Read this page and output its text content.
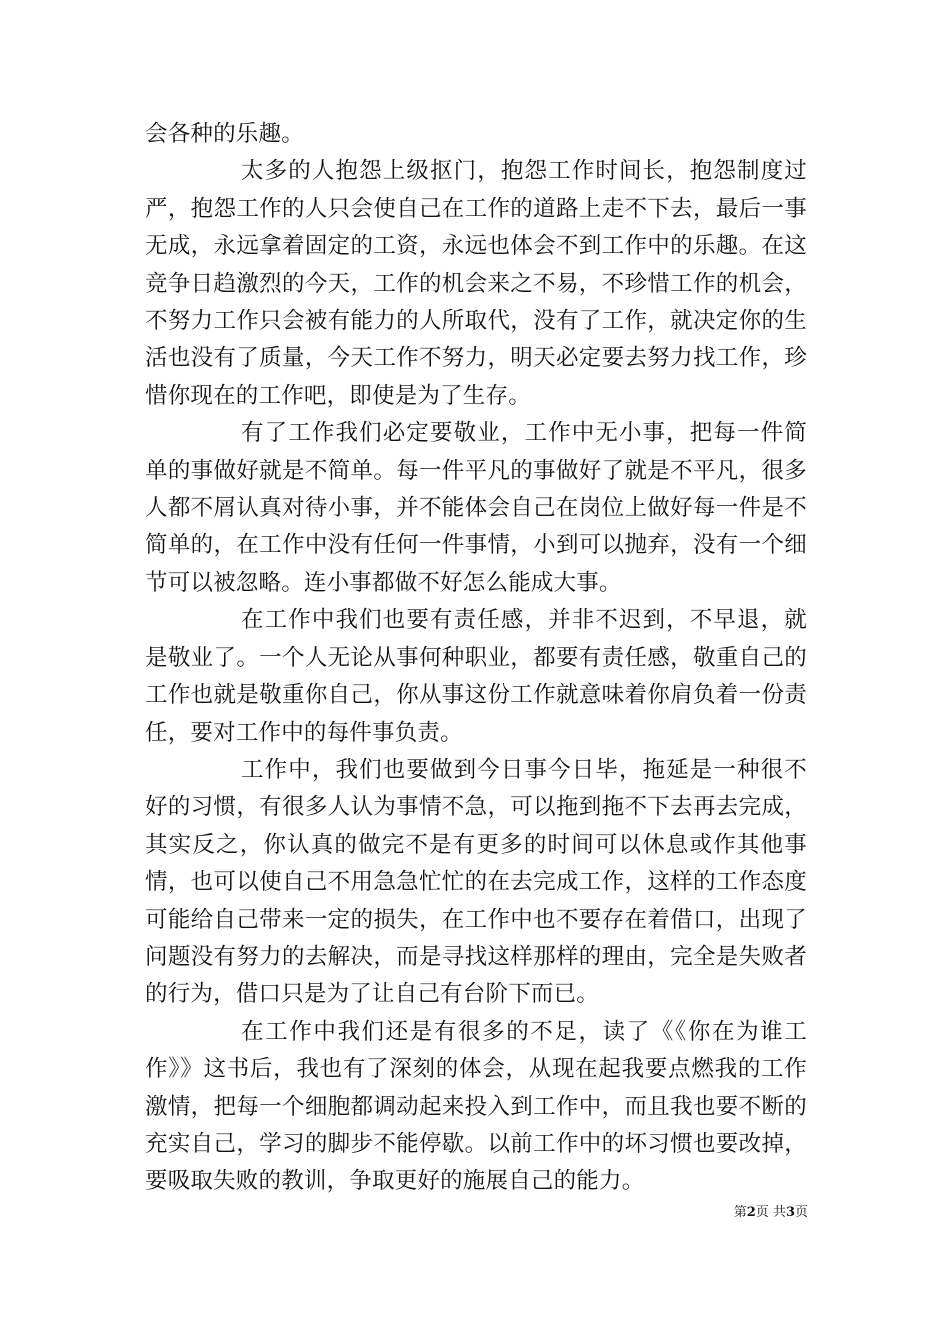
会各种的乐趣。

太多的人抱怨上级抠门，抱怨工作时间长，抱怨制度过严，抱怨工作的人只会使自己在工作的道路上走不下去，最后一事无成，永远拿着固定的工资，永远也体会不到工作中的乐趣。在这竞争日趋激烈的今天，工作的机会来之不易，不珍惜工作的机会，不努力工作只会被有能力的人所取代，没有了工作，就决定你的生活也没有了质量，今天工作不努力，明天必定要去努力找工作，珍惜你现在的工作吧，即使是为了生存。

有了工作我们必定要敬业，工作中无小事，把每一件简单的事做好就是不简单。每一件平凡的事做好了就是不平凡，很多人都不屑认真对待小事，并不能体会自己在岗位上做好每一件是不简单的，在工作中没有任何一件事情，小到可以抛弃，没有一个细节可以被忽略。连小事都做不好怎么能成大事。

在工作中我们也要有责任感，并非不迟到，不早退，就是敬业了。一个人无论从事何种职业，都要有责任感，敬重自己的工作也就是敬重你自己，你从事这份工作就意味着你肩负着一份责任，要对工作中的每件事负责。

工作中，我们也要做到今日事今日毕，拖延是一种很不好的习惯，有很多人认为事情不急，可以拖到拖不下去再去完成，其实反之，你认真的做完不是有更多的时间可以休息或作其他事情，也可以使自己不用急急忙忙的在去完成工作，这样的工作态度可能给自己带来一定的损失，在工作中也不要存在着借口，出现了问题没有努力的去解决，而是寻找这样那样的理由，完全是失败者的行为，借口只是为了让自己有台阶下而已。

在工作中我们还是有很多的不足，读了《《你在为谁工作》》这书后，我也有了深刻的体会，从现在起我要点燃我的工作激情，把每一个细胞都调动起来投入到工作中，而且我也要不断的充实自己，学习的脚步不能停歇。以前工作中的坏习惯也要改掉，要吸取失败的教训，争取更好的施展自己的能力。

第2页 共3页
